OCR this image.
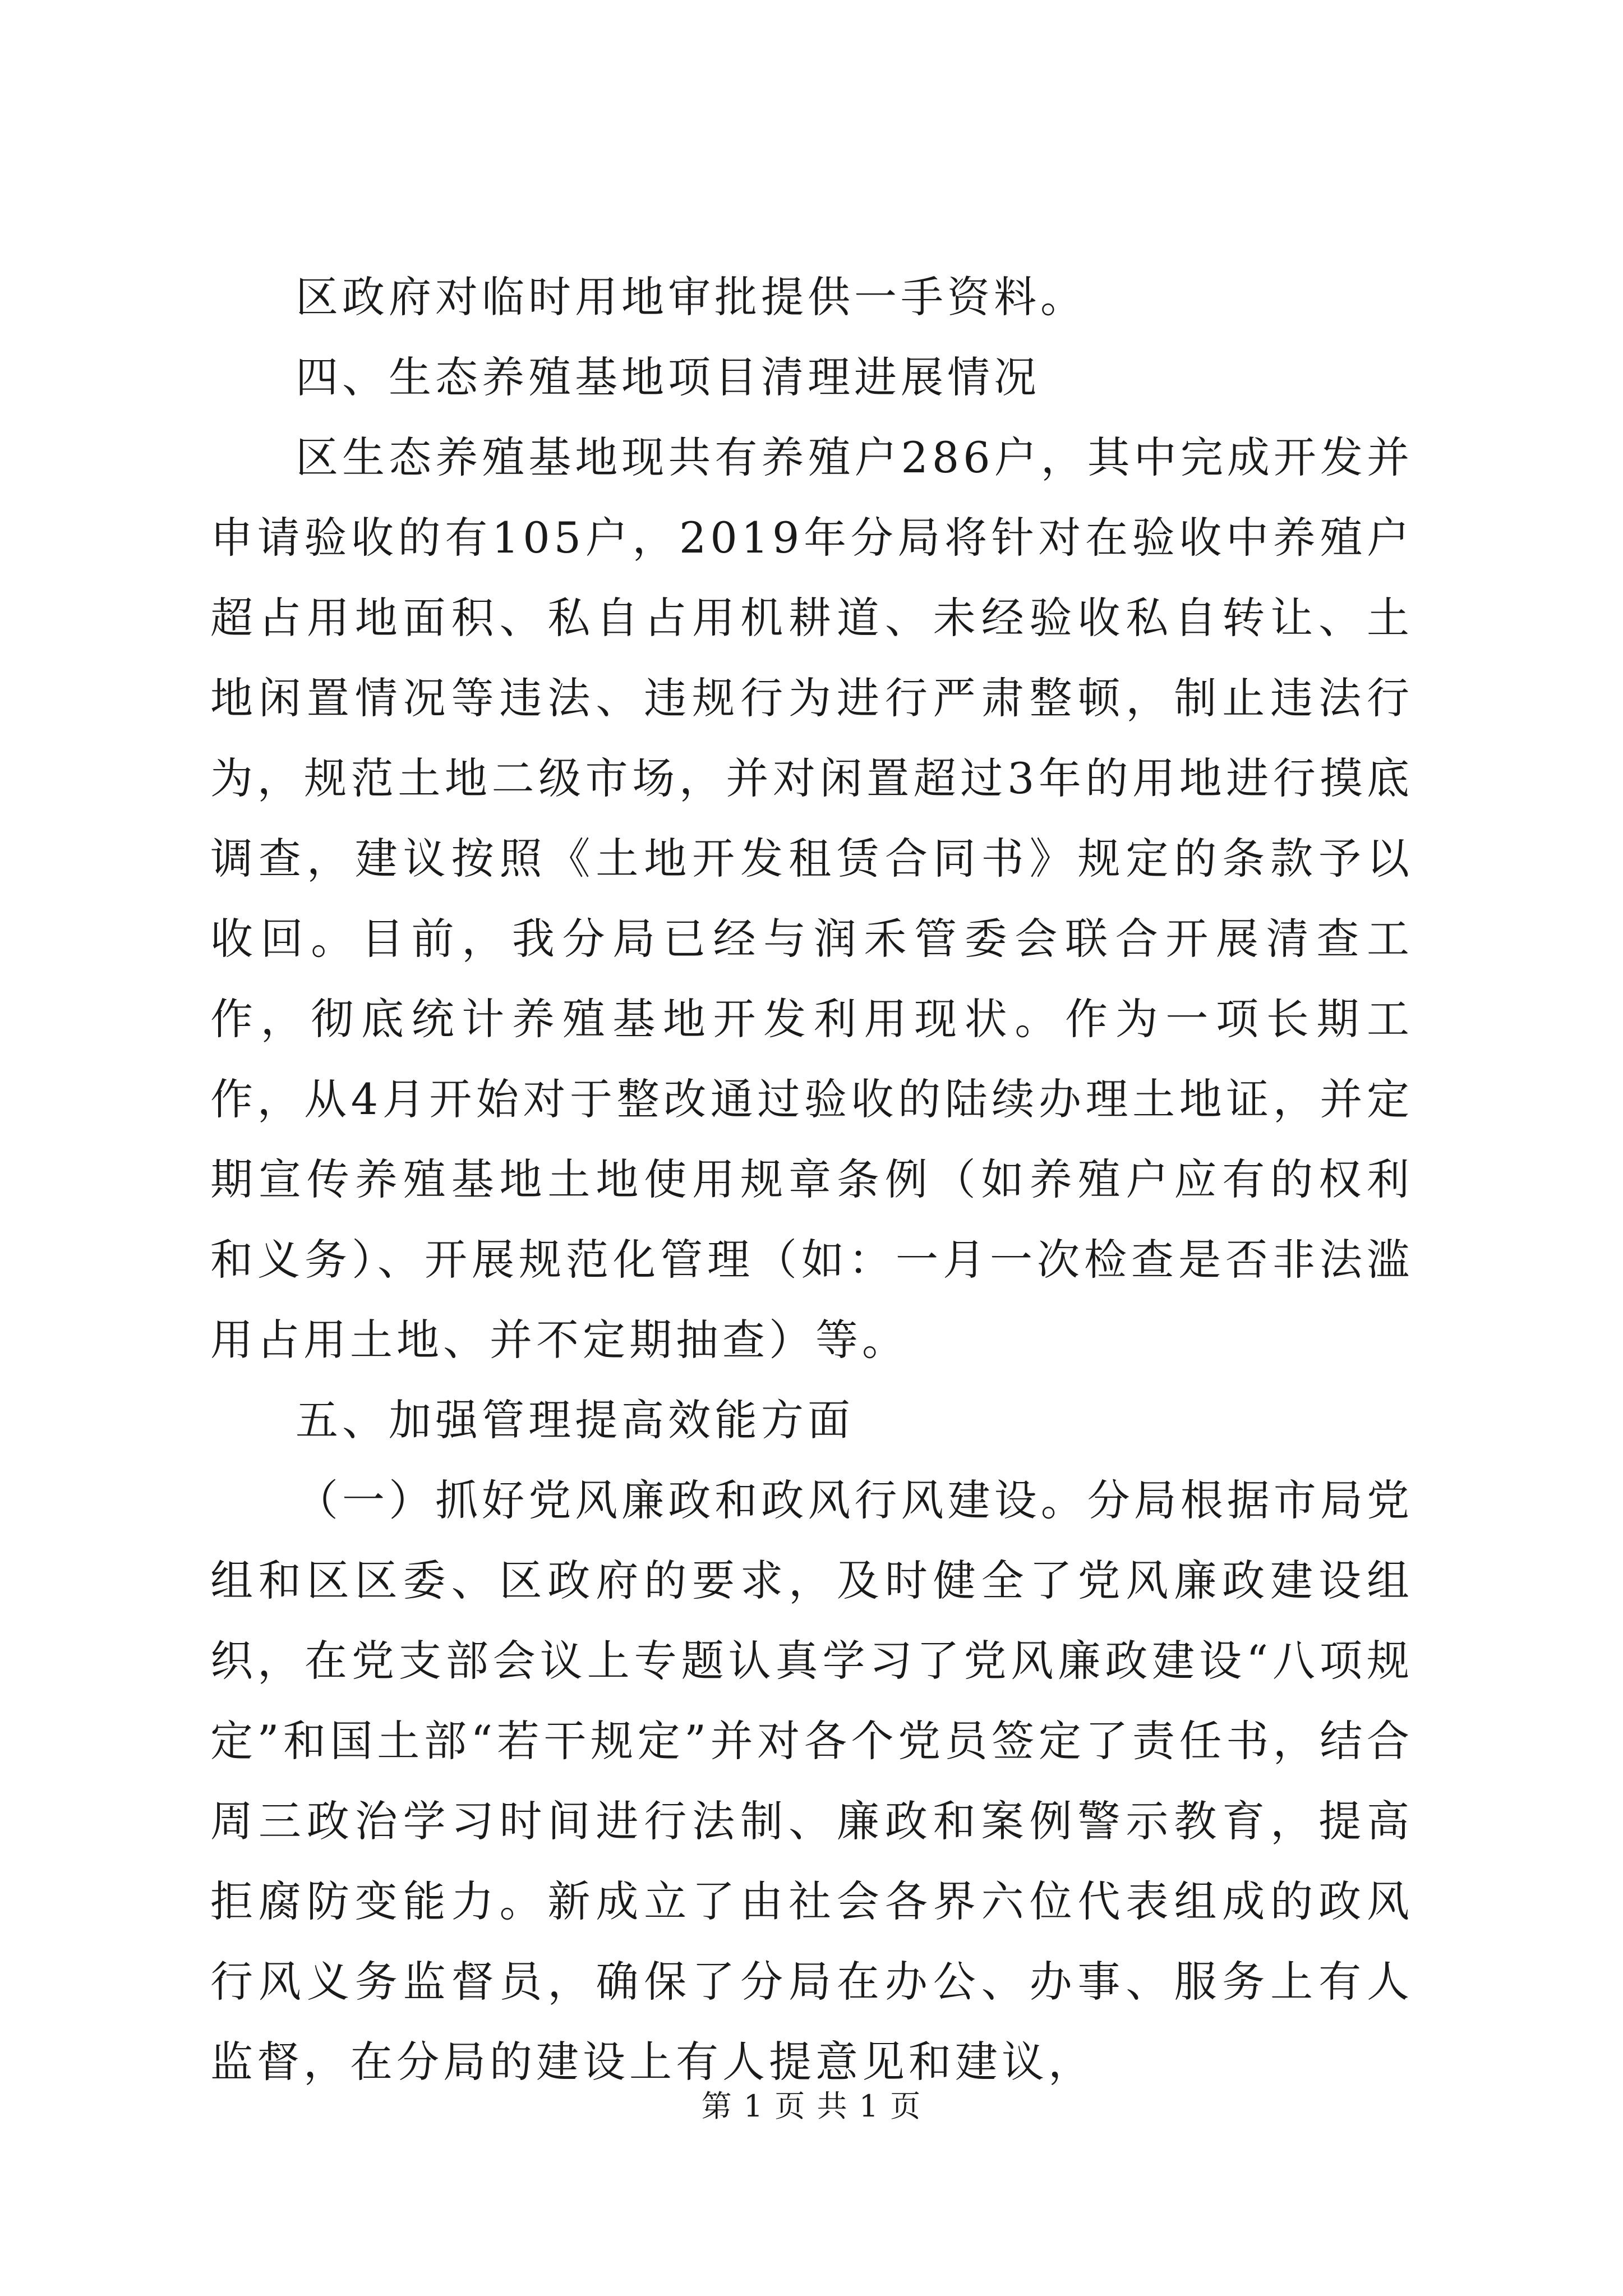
区政府对临时用地审批提供一手资料。

四、生态养殖基地项目清理进展情况

区生态养殖基地现共有养殖户286户，其中完成开发并申请验收的有105户，2019年分局将针对在验收中养殖户超占用地面积、私自占用机耕道、未经验收私自转让、土地闲置情况等违法、违规行为进行严肃整顿，制止违法行为，规范土地二级市场，并对闲置超过3年的用地进行摸底调查，建议按照《土地开发租赁合同书》规定的条款予以收回。目前，我分局已经与润禾管委会联合开展清查工作，彻底统计养殖基地开发利用现状。作为一项长期工作，从4月开始对于整改通过验收的陆续办理土地证，并定期宣传养殖基地土地使用规章条例（如养殖户应有的权利和义务）、开展规范化管理（如：一月一次检查是否非法滥用占用土地、并不定期抽查）等。

五、加强管理提高效能方面

（一）抓好党风廉政和政风行风建设。分局根据市局党组和区区委、区政府的要求，及时健全了党风廉政建设组织，在党支部会议上专题认真学习了党风廉政建设“八项规定”和国土部“若干规定”并对各个党员签定了责任书，结合周三政治学习时间进行法制、廉政和案例警示教育，提高拒腐防变能力。新成立了由社会各界六位代表组成的政风行风义务监督员，确保了分局在办公、办事、服务上有人监督，在分局的建设上有人提意见和建议，

第 1 页 共 1 页
